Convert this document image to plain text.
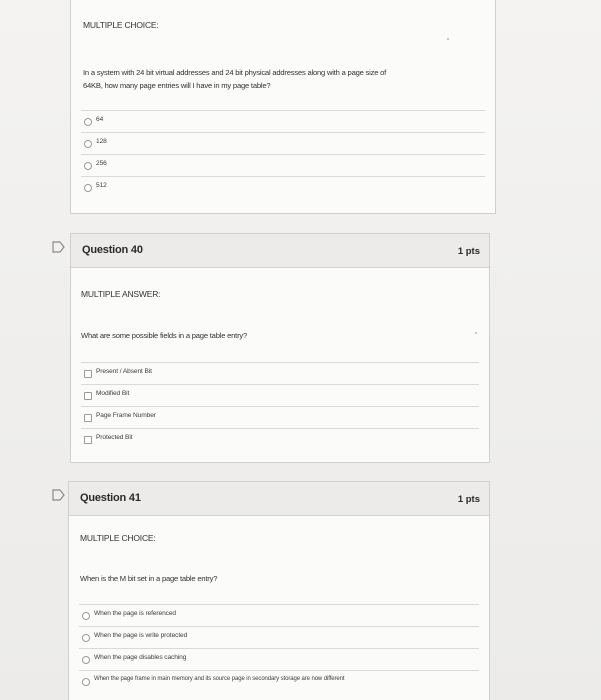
MULTIPLE CHOICE:
In a system with 24 bit virtual addresses and 24 bit physical addresses along with a page size of
64KB, how many page entries will I have in my page table?
64
128
256
512
Question 40	1 pts
MULTIPLE ANSWER:
What are some possible fields in a page table entry?
Present / Absent Bit
Modified Bit
Page Frame Number
Protected Bit
Question 41	1 pts
MULTIPLE CHOICE:
When is the M bit set in a page table entry?
When the page is referenced
When the page is write protected
When the page disables caching
When the page frame in main memory and its source page in secondary storage are now different
